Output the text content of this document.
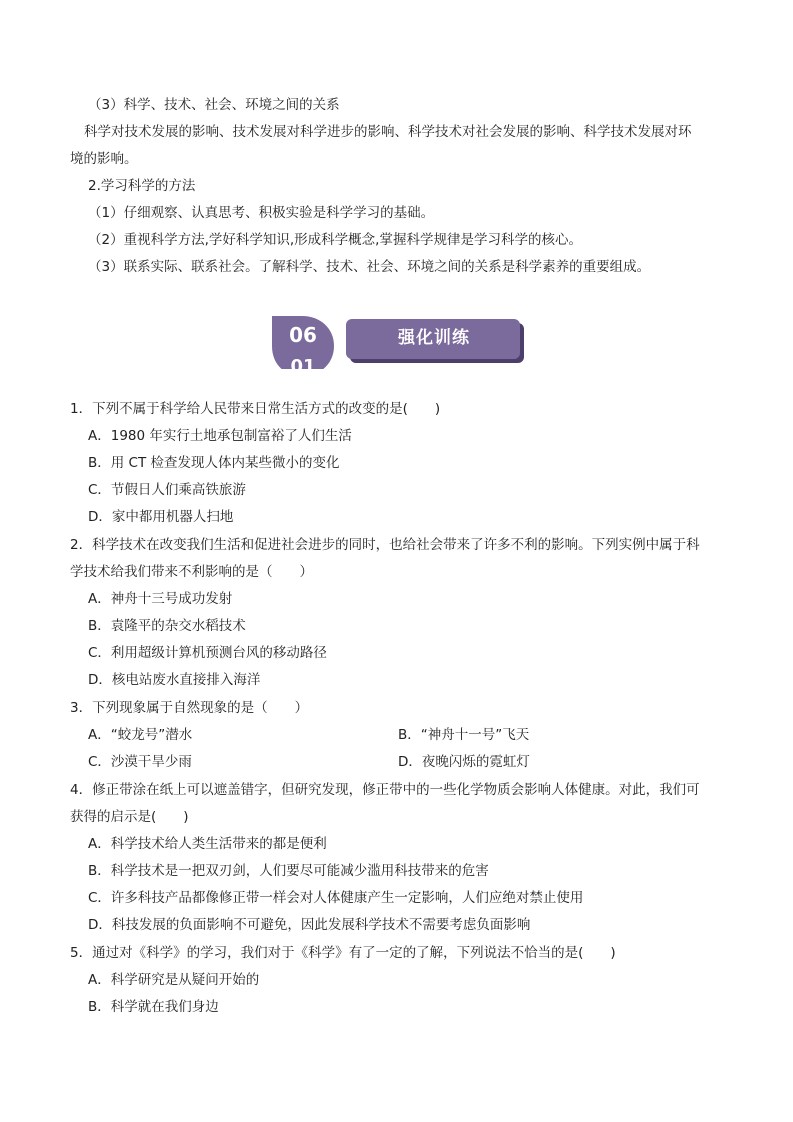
（3）科学、技术、社会、环境之间的关系
科学对技术发展的影响、技术发展对科学进步的影响、科学技术对社会发展的影响、科学技术发展对环
境的影响。
2.学习科学的方法
（1）仔细观察、认真思考、积极实验是科学学习的基础。
（2）重视科学方法,学好科学知识,形成科学概念,掌握科学规律是学习科学的核心。
（3）联系实际、联系社会。了解科学、技术、社会、环境之间的关系是科学素养的重要组成。
06
01
强化训练
1．下列不属于科学给人民带来日常生活方式的改变的是(　　)
A．1980 年实行土地承包制富裕了人们生活
B．用 CT 检查发现人体内某些微小的变化
C．节假日人们乘高铁旅游
D．家中都用机器人扫地
2．科学技术在改变我们生活和促进社会进步的同时，也给社会带来了许多不利的影响。下列实例中属于科
学技术给我们带来不利影响的是（　　）
A．神舟十三号成功发射
B．袁隆平的杂交水稻技术
C．利用超级计算机预测台风的移动路径
D．核电站废水直接排入海洋
3．下列现象属于自然现象的是（　　）
A．“蛟龙号”潜水	B．“神舟十一号”飞天
C．沙漠干旱少雨	D．夜晚闪烁的霓虹灯
4．修正带涂在纸上可以遮盖错字，但研究发现，修正带中的一些化学物质会影响人体健康。对此，我们可
获得的启示是(　　)
A．科学技术给人类生活带来的都是便利
B．科学技术是一把双刃剑，人们要尽可能减少滥用科技带来的危害
C．许多科技产品都像修正带一样会对人体健康产生一定影响，人们应绝对禁止使用
D．科技发展的负面影响不可避免，因此发展科学技术不需要考虑负面影响
5．通过对《科学》的学习，我们对于《科学》有了一定的了解，下列说法不恰当的是(　　)
A．科学研究是从疑问开始的
B．科学就在我们身边
